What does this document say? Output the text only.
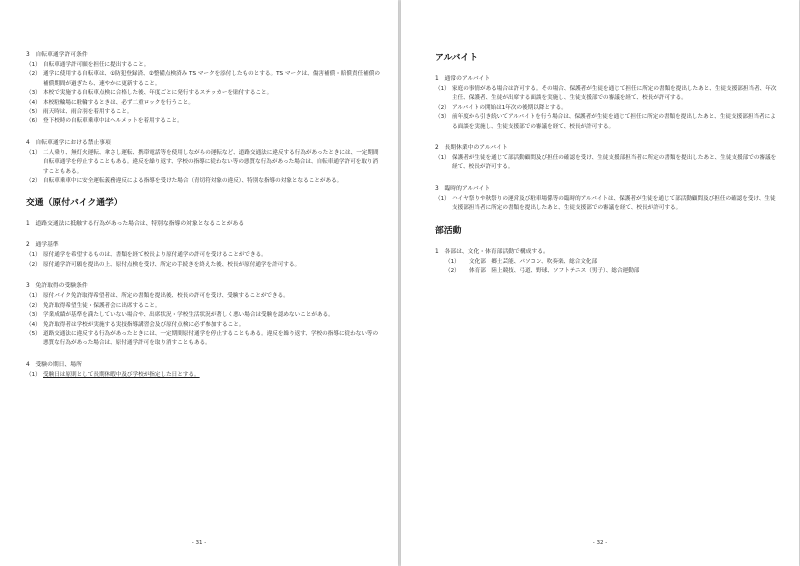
3　自転車通学許可条件
（1） 自転車通学許可願を担任に提出すること。
（2） 通学に使用する自転車は、①防犯登録済、②整備点検済み TS マークを添付したものとする。TS マークは、傷害補償・賠償責任補償の補償期間が過ぎたら、速やかに更新すること。
（3） 本校で実施する自転車点検に合格した後、年度ごとに発行するステッカーを貼付すること。
（4） 本校駐輪場に駐輪するときは、必ず二重ロックを行うこと。
（5） 雨天時は、雨合羽を着用すること。
（6） 登下校時の自転車乗車中はヘルメットを着用すること。
4　自転車通学における禁止事項
（1） 二人乗り、無灯火運転、傘さし運転、携帯電話等を使用しながらの運転など、道路交通法に違反する行為があったときには、一定期間自転車通学を停止することもある。違反を繰り返す、学校の指導に従わない等の悪質な行為があった場合は、自転車通学許可を取り消すこともある。
（2） 自転車乗車中に安全運転義務違反による指導を受けた場合（青切符対象の違反）、特別な指導の対象となることがある。
交通（原付バイク通学）
1　道路交通法に抵触する行為があった場合は、特別な指導の対象となることがある
2　通学基準
（1） 原付通学を希望するものは、書類を経て校長より原付通学の許可を受けることができる。
（2） 原付通学許可願を提出の上、原付点検を受け、所定の手続きを終えた後、校長が原付通学を許可する。
3　免許取得の受験条件
（1） 原付バイク免許取得希望者は、所定の書類を提出後、校長の許可を受け、受験することができる。
（2） 免許取得希望生徒・保護者会に出席すること。
（3） 学業成績が基準を満たしていない場合や、出席状況・学校生活状況が著しく悪い場合は受験を認めないことがある。
（4） 免許取得者は学校が実施する実技指導講習会及び原付点検に必ず参加すること。
（5） 道路交通法に違反する行為があったときには、一定期間原付通学を停止することもある。違反を繰り返す、学校の指導に従わない等の悪質な行為があった場合は、原付通学許可を取り消すこともある。
4　受験の期日、場所
（1） 受験日は原則として長期休暇中及び学校が指定した日とする。
- 31 -
アルバイト
1　通常のアルバイト
（1） 家庭の事情がある場合は許可する。その場合、保護者が生徒を通じて担任に所定の書類を提出したあと、生徒支援部担当者、年次主任、保護者、生徒が出席する面談を実施し、生徒支援部での審議を経て、校長が許可する。
（2） アルバイトの開始は1年次の後期以降とする。
（3） 前年度から引き続いてアルバイトを行う場合は、保護者が生徒を通じて担任に所定の書類を提出したあと、生徒支援部担当者による面談を実施し、生徒支援部での審議を経て、校長が許可する。
2　長期休業中のアルバイト
（1） 保護者が生徒を通じて部活動顧問及び担任の確認を受け、生徒支援部担当者に所定の書類を提出したあと、生徒支援部での審議を経て、校長が許可する。
3　臨時的アルバイト
（1） ハイヤ祭りや秋祭りの運営及び駐車場係等の臨時的アルバイトは、保護者が生徒を通じて部活動顧問及び担任の確認を受け、生徒支援部担当者に所定の書類を提出したあと、生徒支援部での審議を経て、校長が許可する。
部活動
1　各部は、文化・体育部活動で構成する。
（1）	文化部　郷土芸能、パソコン、吹奏楽、総合文化部
（2）	体育部　陸上競技、弓道、野球、ソフトテニス（男子）、総合運動部
- 32 -
